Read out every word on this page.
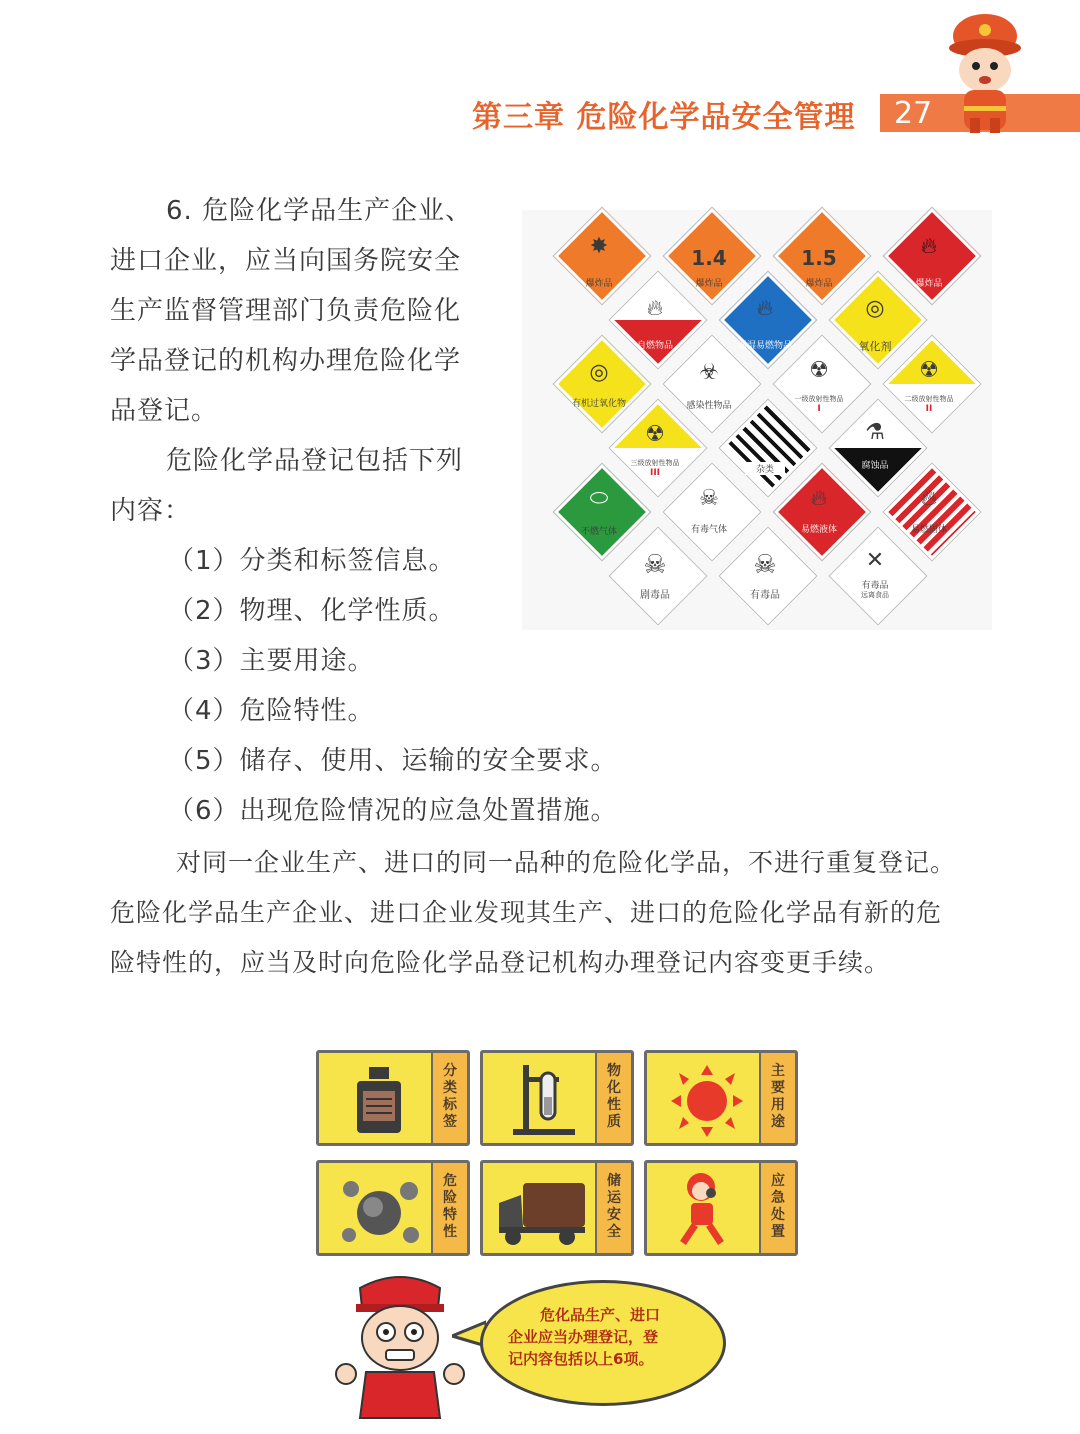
第三章 危险化学品安全管理 27
6. 危险化学品生产企业、
进口企业，应当向国务院安全
生产监督管理部门负责危险化
学品登记的机构办理危险化学
品登记。
危险化学品登记包括下列
内容：
（1）分类和标签信息。
（2）物理、化学性质。
（3）主要用途。
（4）危险特性。
（5）储存、使用、运输的安全要求。
（6）出现危险情况的应急处置措施。
对同一企业生产、进口的同一品种的危险化学品，不进行重复登记。
危险化学品生产企业、进口企业发现其生产、进口的危险化学品有新的危
险特性的，应当及时向危险化学品登记机构办理登记内容变更手续。
✸
爆炸品
1.4
爆炸品
1.5
爆炸品
🔥︎
爆炸品
🔥︎
自燃物品
🔥︎
遇湿易燃物品
◎
氧化剂
◎
有机过氧化物
☣
感染性物品
☢
一级放射性物品
I
☢
二级放射性物品
II
☢
三级放射性物品
III	杂类
⚗
腐蚀品
⬭
不燃气体
☠
有毒气体
🔥︎
易燃液体
🔥︎
易燃固体
☠
剧毒品
☠
有毒品
✕
有毒品
远离食品
分类标签
物化性质
主要用途
危险特性
储运安全
应急处置
危化品生产、进口
企业应当办理登记，登
记内容包括以上6项。
